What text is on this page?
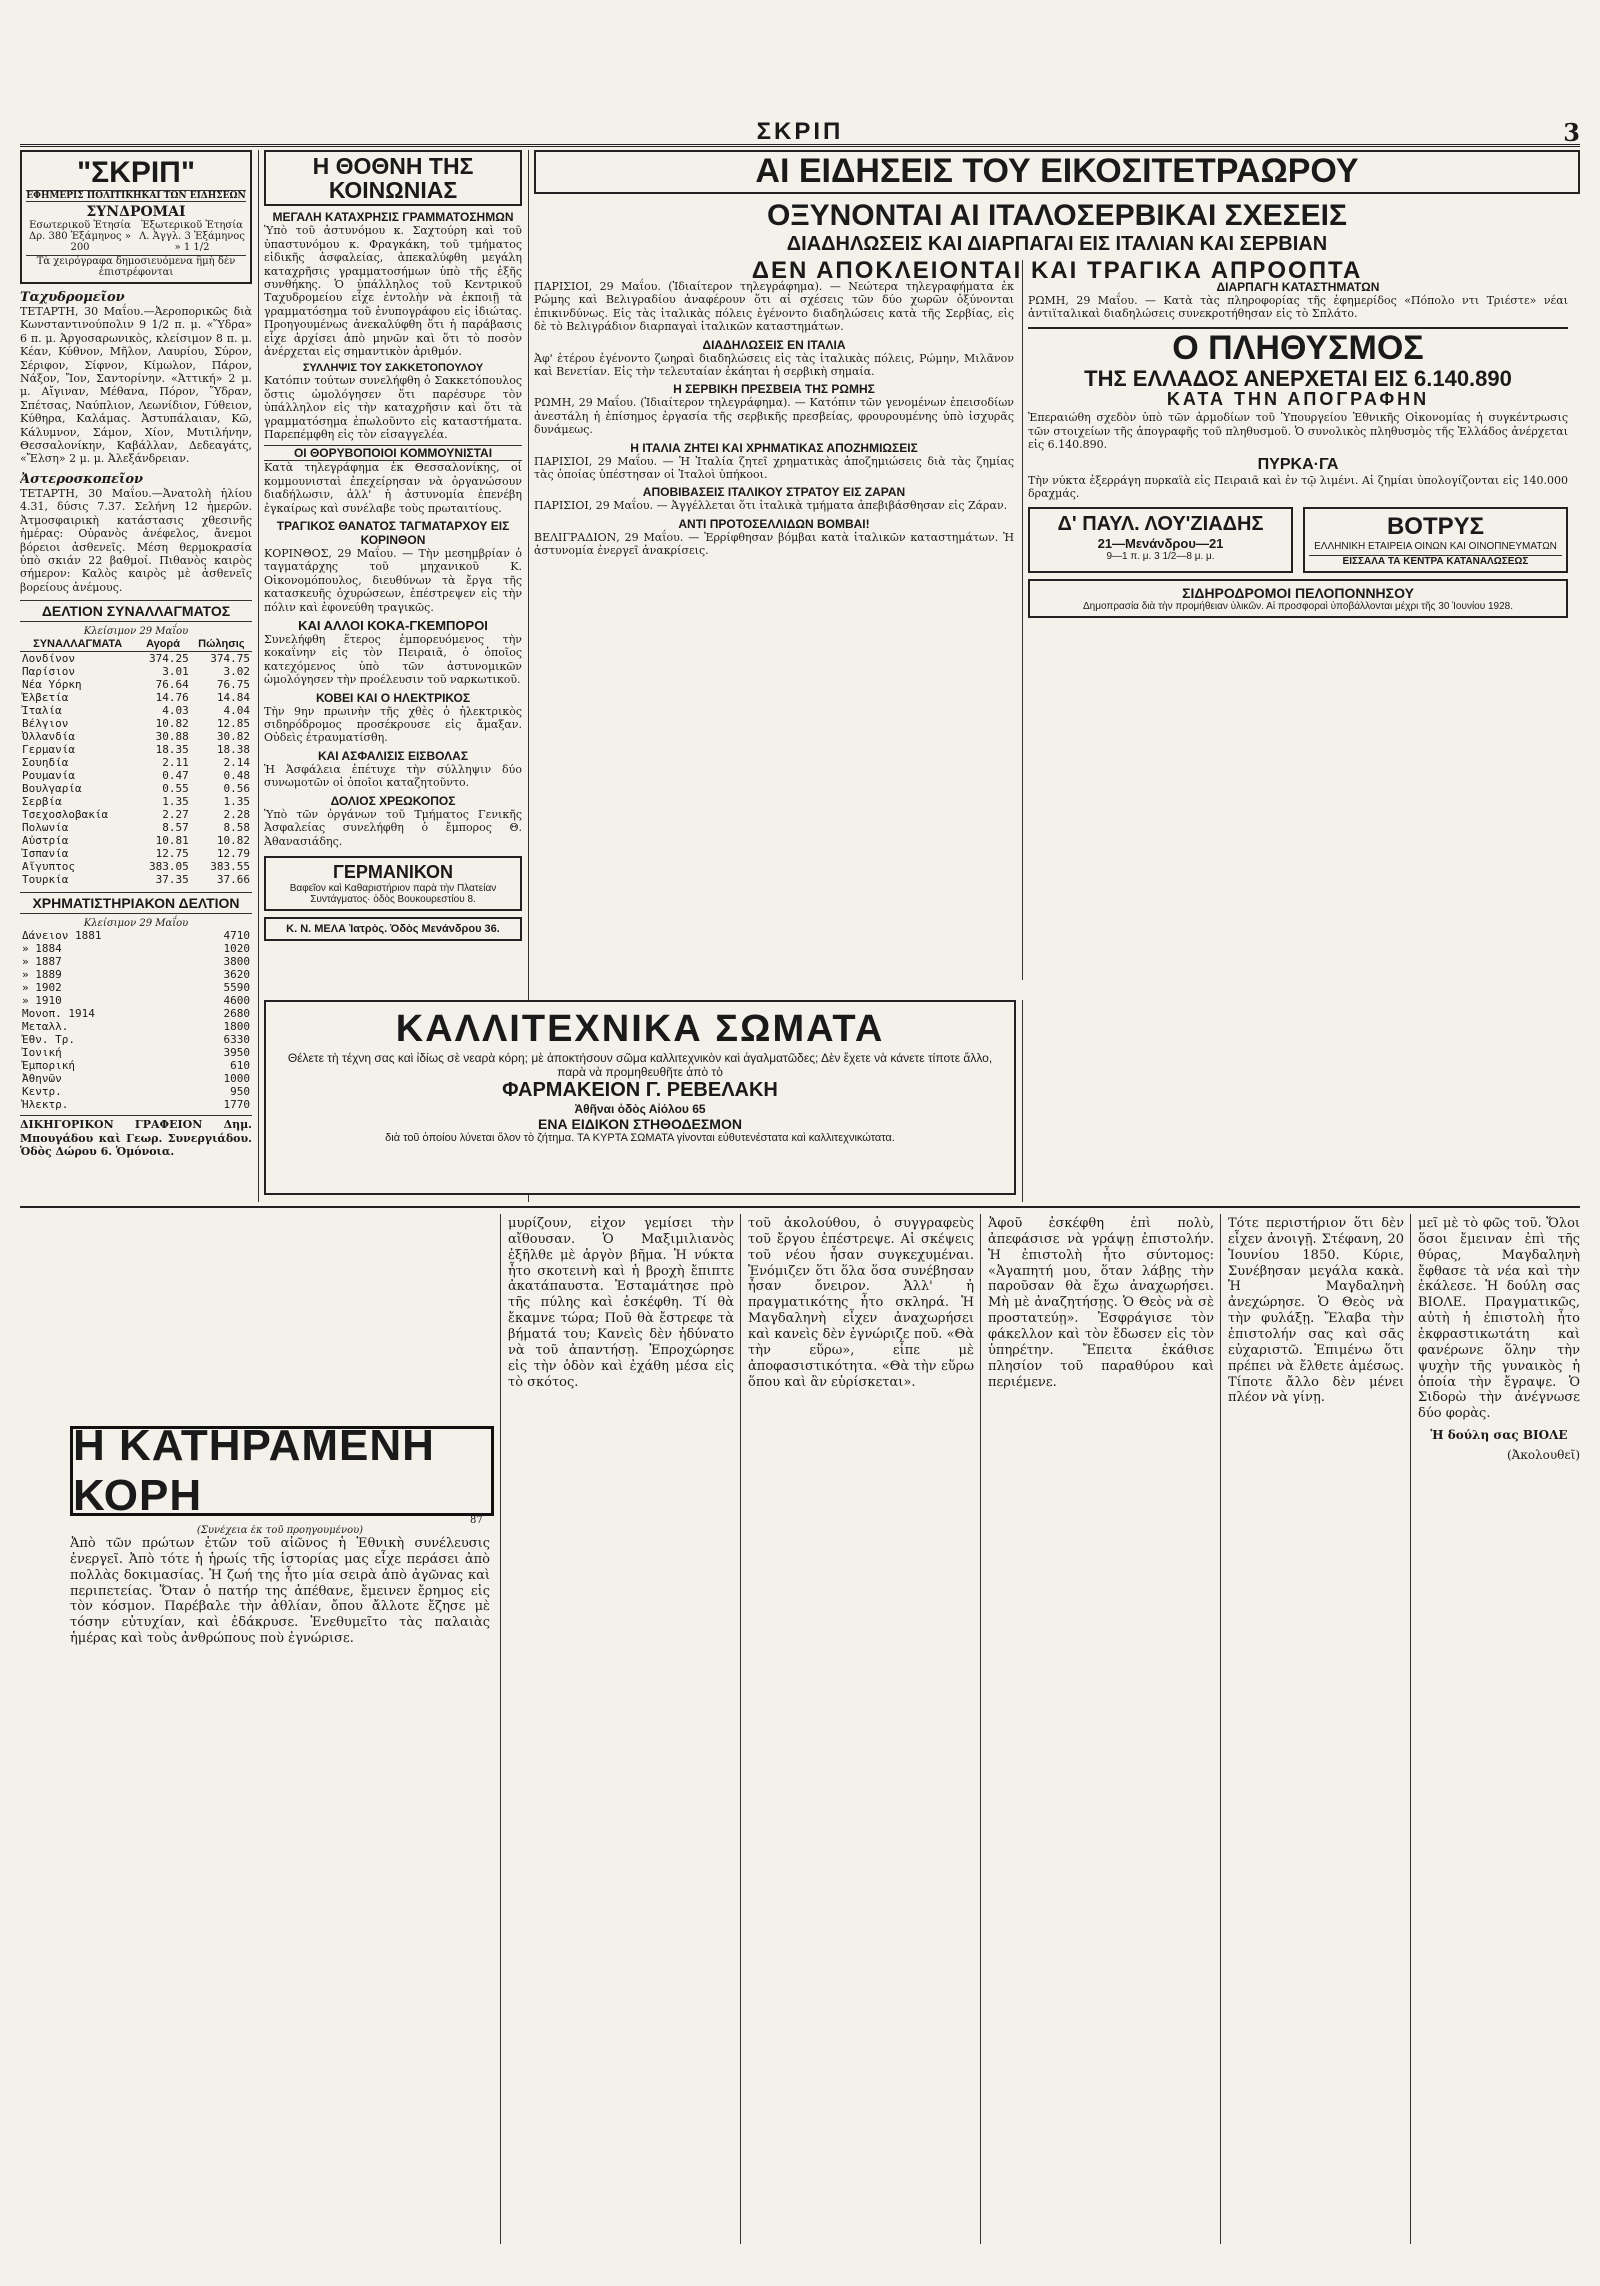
ΣΚΡΙΠ	3
"ΣΚΡΙΠ"
ΕΦΗΜΕΡΙΣ ΠΟΛΙΤΙΚΗΚΑΙ ΤΩΝ ΕΙΔΗΣΕΩΝ
ΣΥΝΔΡΟΜΑΙ
Εσωτερικοῦ Ἐτησία Δρ. 380 Ἑξάμηνος » 200
Ἐξωτερικοῦ Ἐτησία Λ. Ἀγγλ. 3 Ἑξάμηνος » 1 1/2
Τὰ χειρόγραφα δημοσιευόμενα ἢμὴ δὲν ἐπιστρέφονται
Ταχυδρομεῖον
ΤΕΤΑΡΤΗ, 30 Μαΐου.—Ἀεροπορικῶς διὰ Κωνσταντινούπολιν 9 1/2 π. μ. «Ὕδρα» 6 π. μ. Ἀργοσαρωνικὸς, κλείσιμον 8 π. μ. Κέαν, Κύθνον, Μῆλον, Λαυρίου, Σύρον, Σέριφον, Σίφνον, Κίμωλον, Πάρον, Νάξον, Ἴον, Σαντορίνην. «Ἀττική» 2 μ. μ. Αἴγιναν, Μέθανα, Πόρον, Ὕδραν, Σπέτσας, Ναύπλιον, Λεωνίδιον, Γύθειον, Κύθηρα, Καλάμας. Ἀστυπάλαιαν, Κῶ, Κάλυμνον, Σάμον, Χίον, Μυτιλήνην, Θεσσαλονίκην, Καβάλλαν, Δεδεαγάτς, «Ἔλση» 2 μ. μ. Ἀλεξάνδρειαν.
Ἀστεροσκοπεῖον
ΤΕΤΑΡΤΗ, 30 Μαΐου.—Ἀνατολὴ ἡλίου 4.31, δύσις 7.37. Σελήνη 12 ἡμερῶν. Ἀτμοσφαιρικὴ κατάστασις χθεσινῆς ἡμέρας: Οὐρανὸς ἀνέφελος, ἄνεμοι βόρειοι ἀσθενεῖς. Μέση θερμοκρασία ὑπὸ σκιάν 22 βαθμοί. Πιθανὸς καιρὸς σήμερον: Καλὸς καιρὸς μὲ ἀσθενεῖς βορείους ἀνέμους.
ΔΕΛΤΙΟΝ ΣΥΝΑΛΛΑΓΜΑΤΟΣ
Κλείσιμον 29 Μαΐου
ΣΥΝΑΛΛΑΓΜΑΤΑ	Αγορά	Πώλησις
Λονδίνον	374.25	374.75
Παρίσιον	3.01	3.02
Νέα Υόρκη	76.64	76.75
Ἑλβετία	14.76	14.84
Ἰταλία	4.03	4.04
Βέλγιον	10.82	12.85
Ὀλλανδία	30.88	30.82
Γερμανία	18.35	18.38
Σουηδία	2.11	2.14
Ρουμανία	0.47	0.48
Βουλγαρία	0.55	0.56
Σερβία	1.35	1.35
Τσεχοσλοβακία	2.27	2.28
Πολωνία	8.57	8.58
Αὐστρία	10.81	10.82
Ἱσπανία	12.75	12.79
Αἴγυπτος	383.05	383.55
Τουρκία	37.35	37.66
ΧΡΗΜΑΤΙΣΤΗΡΙΑΚΟΝ ΔΕΛΤΙΟΝ
Κλείσιμον 29 Μαΐου
Δάνειον 1881	4710
» 1884	1020
» 1887	3800
» 1889	3620
» 1902	5590
» 1910	4600
Μονοπ. 1914	2680
Μεταλλ.	1800
Ἐθν. Τρ.	6330
Ἰονική	3950
Ἐμπορική	610
Ἀθηνῶν	1000
Κεντρ.	950
Ἡλεκτρ.	1770
ΔΙΚΗΓΟΡΙΚΟΝ ΓΡΑΦΕΙΟΝ Δημ. Μπουγάδου καὶ Γεωρ. Συνεργιάδου. Ὁδὸς Δώρου 6. Ὁμόνοια.
Η ΘΟΘΝΗ ΤΗΣ ΚΟΙΝΩΝΙΑΣ
ΜΕΓΑΛΗ ΚΑΤΑΧΡΗΣΙΣ ΓΡΑΜΜΑΤΟΣΗΜΩΝ
Ὑπὸ τοῦ ἀστυνόμου κ. Σαχτούρη καὶ τοῦ ὑπαστυνόμου κ. Φραγκάκη, τοῦ τμήματος εἰδικῆς ἀσφαλείας, ἀπεκαλύφθη μεγάλη καταχρῆσις γραμματοσήμων ὑπὸ τῆς ἑξῆς συνθήκης. Ὁ ὑπάλληλος τοῦ Κεντρικοῦ Ταχυδρομείου εἶχε ἐντολὴν νὰ ἐκποιῇ τὰ γραμματόσημα τοῦ ἐνυπογράφου εἰς ἰδιώτας. Προηγουμένως ἀνεκαλύφθη ὅτι ἡ παράβασις εἶχε ἀρχίσει ἀπὸ μηνῶν καὶ ὅτι τὸ ποσὸν ἀνέρχεται εἰς σημαντικὸν ἀριθμόν.
ΣΥΛΛΗΨΙΣ ΤΟΥ ΣΑΚΚΕΤΟΠΟΥΛΟΥ
Κατόπιν τούτων συνελήφθη ὁ Σακκετόπουλος ὅστις ὡμολόγησεν ὅτι παρέσυρε τὸν ὑπάλληλον εἰς τὴν καταχρῆσιν καὶ ὅτι τὰ γραμματόσημα ἐπωλοῦντο εἰς καταστήματα. Παρεπέμφθη εἰς τὸν εἰσαγγελέα.
ΟΙ ΘΟΡΥΒΟΠΟΙΟΙ ΚΟΜΜΟΥΝΙΣΤΑΙ
Κατὰ τηλεγράφημα ἐκ Θεσσαλονίκης, οἱ κομμουνισταὶ ἐπεχείρησαν νὰ ὀργανώσουν διαδήλωσιν, ἀλλ' ἡ ἀστυνομία ἐπενέβη ἐγκαίρως καὶ συνέλαβε τοὺς πρωταιτίους.
ΤΡΑΓΙΚΟΣ ΘΑΝΑΤΟΣ ΤΑΓΜΑΤΑΡΧΟΥ ΕΙΣ ΚΟΡΙΝΘΟΝ
ΚΟΡΙΝΘΟΣ, 29 Μαΐου. — Τὴν μεσημβρίαν ὁ ταγματάρχης τοῦ μηχανικοῦ Κ. Οἰκονομόπουλος, διευθύνων τὰ ἔργα τῆς κατασκευῆς ὀχυρώσεων, ἐπέστρεψεν εἰς τὴν πόλιν καὶ ἐφονεύθη τραγικῶς.
ΚΑΙ ΑΛΛΟΙ ΚΟΚΑ-ΓΚΕΜΠΟΡΟΙ
Συνελήφθη ἕτερος ἐμπορευόμενος τὴν κοκαΐνην εἰς τὸν Πειραιᾶ, ὁ ὁποῖος κατεχόμενος ὑπὸ τῶν ἀστυνομικῶν ὡμολόγησεν τὴν προέλευσιν τοῦ ναρκωτικοῦ.
ΚΟΒΕΙ ΚΑΙ Ο ΗΛΕΚΤΡΙΚΟΣ
Τὴν 9ην πρωινὴν τῆς χθὲς ὁ ἠλεκτρικὸς σιδηρόδρομος προσέκρουσε εἰς ἄμαξαν. Οὐδεὶς ἐτραυματίσθη.
ΚΑΙ ΑΣΦΑΛΙΣΙΣ ΕΙΣΒΟΛΑΣ
Ἡ Ἀσφάλεια ἐπέτυχε τὴν σύλληψιν δύο συνωμοτῶν οἱ ὁποῖοι καταζητοῦντο.
ΔΟΛΙΟΣ ΧΡΕΩΚΟΠΟΣ
Ὑπὸ τῶν ὀργάνων τοῦ Τμήματος Γενικῆς Ἀσφαλείας συνελήφθη ὁ ἔμπορος Θ. Ἀθανασιάδης.
ΓΕΡΜΑΝΙΚΟΝ
Βαφεῖον καὶ Καθαριστήριον παρὰ τὴν Πλατείαν Συντάγματος· ὁδὸς Βουκουρεστίου 8.
Κ. Ν. ΜΕΛΑ Ἰατρὸς. Ὁδὸς Μενάνδρου 36.
ΑΙ ΕΙΔΗΣΕΙΣ ΤΟΥ ΕΙΚΟΣΙΤΕΤΡΑΩΡΟΥ
ΟΞΥΝΟΝΤΑΙ ΑΙ ΙΤΑΛΟΣΕΡΒΙΚΑΙ ΣΧΕΣΕΙΣ
ΔΙΑΔΗΛΩΣΕΙΣ ΚΑΙ ΔΙΑΡΠΑΓΑΙ ΕΙΣ ΙΤΑΛΙΑΝ ΚΑΙ ΣΕΡΒΙΑΝ
ΔΕΝ ΑΠΟΚΛΕΙΟΝΤΑΙ ΚΑΙ ΤΡΑΓΙΚΑ ΑΠΡΟΟΠΤΑ
ΠΑΡΙΣΙΟΙ, 29 Μαΐου. (Ἰδιαίτερον τηλεγράφημα). — Νεώτερα τηλεγραφήματα ἐκ Ρώμης καὶ Βελιγραδίου ἀναφέρουν ὅτι αἱ σχέσεις τῶν δύο χωρῶν ὀξύνονται ἐπικινδύνως. Εἰς τὰς ἰταλικὰς πόλεις ἐγένοντο διαδηλώσεις κατὰ τῆς Σερβίας, εἰς δὲ τὸ Βελιγράδιον διαρπαγαὶ ἰταλικῶν καταστημάτων.
ΔΙΑΔΗΛΩΣΕΙΣ ΕΝ ΙΤΑΛΙΑ
Ἀφ' ἑτέρου ἐγένοντο ζωηραὶ διαδηλώσεις εἰς τὰς ἰταλικὰς πόλεις, Ρώμην, Μιλᾶνον καὶ Βενετίαν. Εἰς τὴν τελευταίαν ἐκάηται ἡ σερβικὴ σημαία.
Η ΣΕΡΒΙΚΗ ΠΡΕΣΒΕΙΑ ΤΗΣ ΡΩΜΗΣ
ΡΩΜΗ, 29 Μαΐου. (Ἰδιαίτερον τηλεγράφημα). — Κατόπιν τῶν γενομένων ἐπεισοδίων ἀνεστάλη ἡ ἐπίσημος ἐργασία τῆς σερβικῆς πρεσβείας, φρουρουμένης ὑπὸ ἰσχυρᾶς δυνάμεως.
Η ΙΤΑΛΙΑ ΖΗΤΕΙ ΚΑΙ ΧΡΗΜΑΤΙΚΑΣ ΑΠΟΖΗΜΙΩΣΕΙΣ
ΠΑΡΙΣΙΟΙ, 29 Μαΐου. — Ἡ Ἰταλία ζητεῖ χρηματικὰς ἀποζημιώσεις διὰ τὰς ζημίας τὰς ὁποίας ὑπέστησαν οἱ Ἰταλοὶ ὑπήκοοι.
ΑΠΟΒΙΒΑΣΕΙΣ ΙΤΑΛΙΚΟΥ ΣΤΡΑΤΟΥ ΕΙΣ ΖΑΡΑΝ
ΠΑΡΙΣΙΟΙ, 29 Μαΐου. — Ἀγγέλλεται ὅτι ἰταλικὰ τμήματα ἀπεβιβάσθησαν εἰς Ζάραν.
ΑΝΤΙ ΠΡΟΤΟΣΕΛΛΙΔΩΝ ΒΟΜΒΑΙ!
ΒΕΛΙΓΡΑΔΙΟΝ, 29 Μαΐου. — Ἐρρίφθησαν βόμβαι κατὰ ἰταλικῶν καταστημάτων. Ἡ ἀστυνομία ἐνεργεῖ ἀνακρίσεις.
ΔΙΑΡΠΑΓΗ ΚΑΤΑΣΤΗΜΑΤΩΝ
ΡΩΜΗ, 29 Μαΐου. — Κατὰ τὰς πληροφορίας τῆς ἐφημερίδος «Πόπολο ντι Τριέστε» νέαι ἀντιϊταλικαὶ διαδηλώσεις συνεκροτήθησαν εἰς τὸ Σπλάτο.
Ο ΠΛΗΘΥΣΜΟΣ
ΤΗΣ ΕΛΛΑΔΟΣ ΑΝΕΡΧΕΤΑΙ ΕΙΣ 6.140.890
ΚΑΤΑ ΤΗΝ ΑΠΟΓΡΑΦΗΝ
Ἐπεραιώθη σχεδὸν ὑπὸ τῶν ἁρμοδίων τοῦ Ὑπουργείου Ἐθνικῆς Οἰκονομίας ἡ συγκέντρωσις τῶν στοιχείων τῆς ἀπογραφῆς τοῦ πληθυσμοῦ. Ὁ συνολικὸς πληθυσμὸς τῆς Ἑλλάδος ἀνέρχεται εἰς 6.140.890.
ΠΥΡΚΑ·ΓΑ
Τὴν νύκτα ἐξερράγη πυρκαϊὰ εἰς Πειραιᾶ καὶ ἐν τῷ λιμένι. Αἱ ζημίαι ὑπολογίζονται εἰς 140.000 δραχμάς.
Δ' ΠΑΥΛ. ΛΟΥ'ΖΙΑΔΗΣ
21—Μενάνδρου—21
9—1 π. μ. 3 1/2—8 μ. μ.
ΒΟΤΡΥΣ
ΕΛΛΗΝΙΚΗ ΕΤΑΙΡΕΙΑ ΟΙΝΩΝ ΚΑΙ ΟΙΝΟΠΝΕΥΜΑΤΩΝ
ΕΙΣΣΑΛΑ ΤΑ ΚΕΝΤΡΑ ΚΑΤΑΝΑΛΩΣΕΩΣ
ΣΙΔΗΡΟΔΡΟΜΟΙ ΠΕΛΟΠΟΝΝΗΣΟΥ
Δημοπρασία διὰ τὴν προμήθειαν ὑλικῶν. Αἱ προσφοραὶ ὑποβάλλονται μέχρι τῆς 30 Ἰουνίου 1928.
ΚΑΛΛΙΤΕΧΝΙΚΑ ΣΩΜΑΤΑ
Θέλετε τὴ τέχνη σας καὶ ἰδίως σὲ νεαρὰ κόρη; μὲ ἀποκτήσουν σῶμα καλλιτεχνικὸν καὶ ἀγαλματῶδες; Δὲν ἔχετε νὰ κάνετε τίποτε ἄλλο, παρὰ νὰ προμηθευθῆτε ἀπὸ τὸ
ΦΑΡΜΑΚΕΙΟΝ Γ. ΡΕΒΕΛΑΚΗ
Ἀθῆναι ὁδὸς Αἰόλου 65
ΕΝΑ ΕΙΔΙΚΟΝ ΣΤΗΘΟΔΕΣΜΟΝ
διὰ τοῦ ὁποίου λύνεται ὅλον τὸ ζήτημα. ΤΑ ΚΥΡΤΑ ΣΩΜΑΤΑ γίνονται εὐθυτενέστατα καὶ καλλιτεχνικώτατα.
Η ΚΑΤΗΡΑΜΕΝΗ ΚΟΡΗ
87
(Συνέχεια ἐκ τοῦ προηγουμένου)
Ἀπὸ τῶν πρώτων ἐτῶν τοῦ αἰῶνος ἡ Ἐθνικὴ συνέλευσις ἐνεργεῖ. Ἀπὸ τότε ἡ ἡρωίς τῆς ἱστορίας μας εἶχε περάσει ἀπὸ πολλὰς δοκιμασίας. Ἡ ζωή της ἦτο μία σειρὰ ἀπὸ ἀγῶνας καὶ περιπετείας. Ὅταν ὁ πατήρ της ἀπέθανε, ἔμεινεν ἔρημος εἰς τὸν κόσμον. Παρέβαλε τὴν ἀθλίαν, ὄπου ἄλλοτε ἔζησε μὲ τόσην εὐτυχίαν, καὶ ἐδάκρυσε. Ἐνεθυμεῖτο τὰς παλαιὰς ἡμέρας καὶ τοὺς ἀνθρώπους ποὺ ἐγνώρισε.
μυρίζουν, εἶχον γεμίσει τὴν αἴθουσαν. Ὁ Μαξιμιλιανὸς ἐξῆλθε μὲ ἀργὸν βῆμα. Ἡ νύκτα ἦτο σκοτεινὴ καὶ ἡ βροχὴ ἔπιπτε ἀκατάπαυστα. Ἐσταμάτησε πρὸ τῆς πύλης καὶ ἐσκέφθη. Τί θὰ ἔκαμνε τώρα; Ποῦ θὰ ἔστρεφε τὰ βήματά του; Κανεὶς δὲν ἠδύνατο νὰ τοῦ ἀπαντήσῃ. Ἐπροχώρησε εἰς τὴν ὁδὸν καὶ ἐχάθη μέσα εἰς τὸ σκότος.
τοῦ ἀκολούθου, ὁ συγγραφεὺς τοῦ ἔργου ἐπέστρεψε. Αἱ σκέψεις τοῦ νέου ἦσαν συγκεχυμέναι. Ἐνόμιζεν ὅτι ὅλα ὅσα συνέβησαν ἦσαν ὄνειρον. Ἀλλ' ἡ πραγματικότης ἦτο σκληρά. Ἡ Μαγδαληνὴ εἶχεν ἀναχωρήσει καὶ κανεὶς δὲν ἐγνώριζε ποῦ. «Θὰ τὴν εὕρω», εἶπε μὲ ἀποφασιστικότητα. «Θὰ τὴν εὕρω ὅπου καὶ ἂν εὑρίσκεται».
Ἀφοῦ ἐσκέφθη ἐπὶ πολὺ, ἀπεφάσισε νὰ γράψῃ ἐπιστολήν. Ἡ ἐπιστολὴ ἦτο σύντομος: «Ἀγαπητή μου, ὅταν λάβῃς τὴν παροῦσαν θὰ ἔχω ἀναχωρήσει. Μὴ μὲ ἀναζητήσῃς. Ὁ Θεὸς νὰ σὲ προστατεύῃ». Ἐσφράγισε τὸν φάκελλον καὶ τὸν ἔδωσεν εἰς τὸν ὑπηρέτην. Ἔπειτα ἐκάθισε πλησίον τοῦ παραθύρου καὶ περιέμενε.
Τότε περιστήριον ὅτι δὲν εἶχεν ἀνοιγῇ. Στέφανη, 20 Ἰουνίου 1850. Κύριε, Συνέβησαν μεγάλα κακὰ. Ἡ Μαγδαληνὴ ἀνεχώρησε. Ὁ Θεὸς νὰ τὴν φυλάξῃ. Ἔλαβα τὴν ἐπιστολήν σας καὶ σᾶς εὐχαριστῶ. Ἐπιμένω ὅτι πρέπει νὰ ἔλθετε ἀμέσως. Τίποτε ἄλλο δὲν μένει πλέον νὰ γίνῃ.
μεῖ μὲ τὸ φῶς τοῦ. Ὅλοι ὅσοι ἔμειναν ἐπὶ τῆς θύρας, Μαγδαληνὴ ἔφθασε τὰ νέα καὶ τὴν ἐκάλεσε. Ἡ δούλη σας ΒΙΟΛΕ. Πραγματικῶς, αὐτὴ ἡ ἐπιστολὴ ἦτο ἐκφραστικωτάτη καὶ φανέρωνε ὅλην τὴν ψυχὴν τῆς γυναικὸς ἡ ὁποία τὴν ἔγραψε. Ὁ Σιδορὼ τὴν ἀνέγνωσε δύο φορὰς.
Ἡ δούλη σας ΒΙΟΛΕ
(Ἀκολουθεῖ)
